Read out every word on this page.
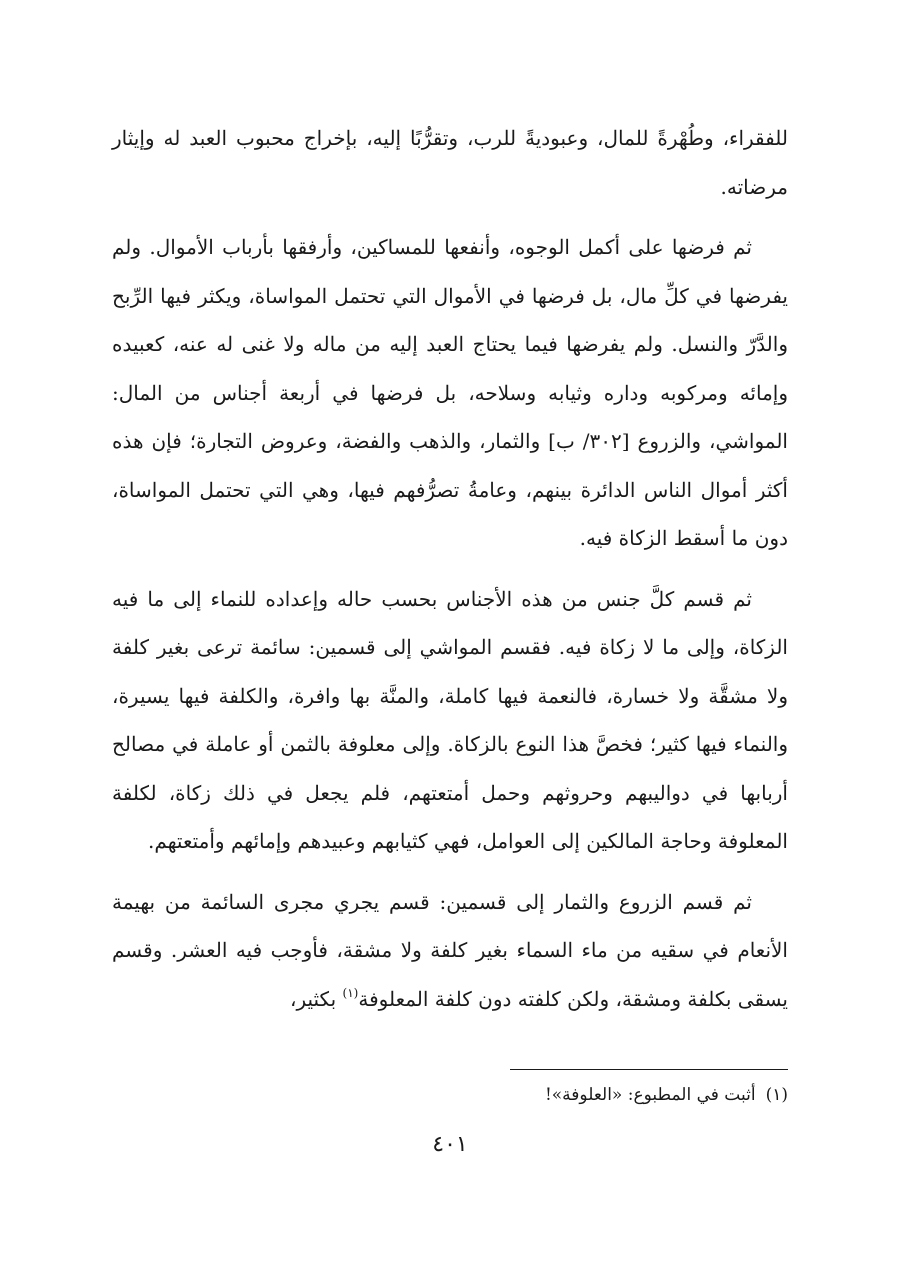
للفقراء، وطُهْرةً للمال، وعبوديةً للرب، وتقرُّبًا إليه، بإخراج محبوب العبد له وإيثار مرضاته.

ثم فرضها على أكمل الوجوه، وأنفعها للمساكين، وأرفقها بأرباب الأموال. ولم يفرضها في كلِّ مال، بل فرضها في الأموال التي تحتمل المواساة، ويكثر فيها الرِّبح والدَّرّ والنسل. ولم يفرضها فيما يحتاج العبد إليه من ماله ولا غنى له عنه، كعبيده وإمائه ومركوبه وداره وثيابه وسلاحه، بل فرضها في أربعة أجناس من المال: المواشي، والزروع [٣٠٢/ ب] والثمار، والذهب والفضة، وعروض التجارة؛ فإن هذه أكثر أموال الناس الدائرة بينهم، وعامةُ تصرُّفهم فيها، وهي التي تحتمل المواساة، دون ما أسقط الزكاة فيه.

ثم قسم كلَّ جنس من هذه الأجناس بحسب حاله وإعداده للنماء إلى ما فيه الزكاة، وإلى ما لا زكاة فيه. فقسم المواشي إلى قسمين: سائمة ترعى بغير كلفة ولا مشقَّة ولا خسارة، فالنعمة فيها كاملة، والمنَّة بها وافرة، والكلفة فيها يسيرة، والنماء فيها كثير؛ فخصَّ هذا النوع بالزكاة. وإلى معلوفة بالثمن أو عاملة في مصالح أربابها في دواليبهم وحروثهم وحمل أمتعتهم، فلم يجعل في ذلك زكاة، لكلفة المعلوفة وحاجة المالكين إلى العوامل، فهي كثيابهم وعبيدهم وإمائهم وأمتعتهم.

ثم قسم الزروع والثمار إلى قسمين: قسم يجري مجرى السائمة من بهيمة الأنعام في سقيه من ماء السماء بغير كلفة ولا مشقة، فأوجب فيه العشر. وقسم يسقى بكلفة ومشقة، ولكن كلفته دون كلفة المعلوفة$^{(١)}$ بكثير،

(١)أثبت في المطبوع: «العلوفة»!
٤٠١
